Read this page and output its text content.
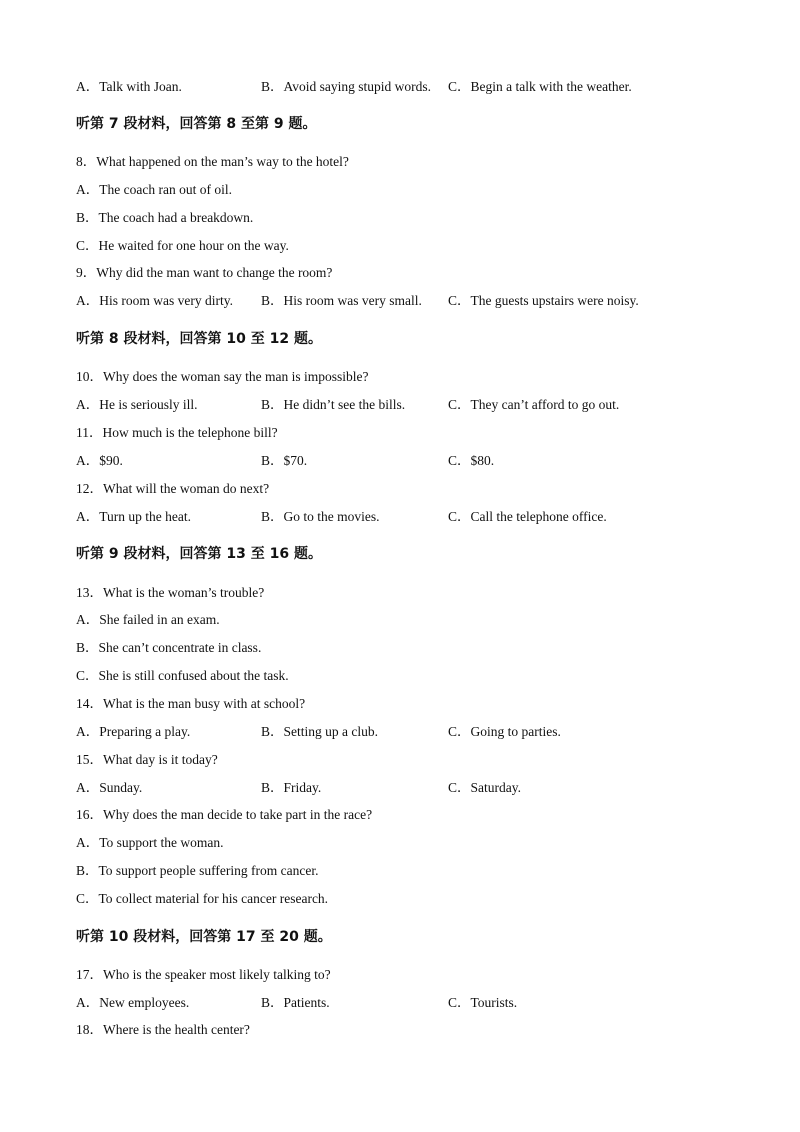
A．Talk with Joan.	B．Avoid saying stupid words. C．Begin a talk with the weather.
听第 7 段材料，回答第 8 至第 9 题。
8．What happened on the man’s way to the hotel?
A．The coach ran out of oil.
B．The coach had a breakdown.
C．He waited for one hour on the way.
9．Why did the man want to change the room?
A．His room was very dirty. B．His room was very small. C．The guests upstairs were noisy.
听第 8 段材料，回答第 10 至 12 题。
10．Why does the woman say the man is impossible?
A．He is seriously ill.	B．He didn’t see the bills.	C．They can’t afford to go out.
11．How much is the telephone bill?
A．$90.	B．$70.	C．$80.
12．What will the woman do next?
A．Turn up the heat.	B．Go to the movies.	C．Call the telephone office.
听第 9 段材料，回答第 13 至 16 题。
13．What is the woman’s trouble?
A．She failed in an exam.
B．She can’t concentrate in class.
C．She is still confused about the task.
14．What is the man busy with at school?
A．Preparing a play.	B．Setting up a club.	C．Going to parties.
15．What day is it today?
A．Sunday.	B．Friday.	C．Saturday.
16．Why does the man decide to take part in the race?
A．To support the woman.
B．To support people suffering from cancer.
C．To collect material for his cancer research.
听第 10 段材料，回答第 17 至 20 题。
17．Who is the speaker most likely talking to?
A．New employees.	B．Patients.	C．Tourists.
18．Where is the health center?
